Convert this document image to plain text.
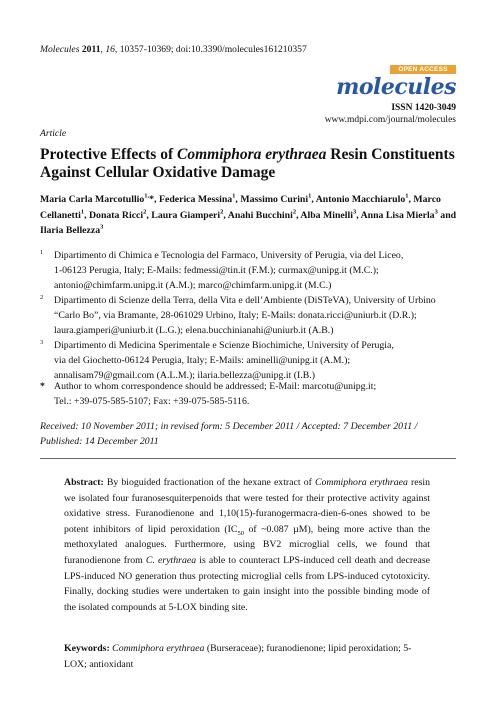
Molecules 2011, 16, 10357-10369; doi:10.3390/molecules161210357
OPEN ACCESS
molecules
ISSN 1420-3049
www.mdpi.com/journal/molecules
Article
Protective Effects of Commiphora erythraea Resin Constituents Against Cellular Oxidative Damage
Maria Carla Marcotullio$^{1,}$*, Federica Messina$^1$, Massimo Curini$^1$, Antonio Macchiarulo$^1$, Marco Cellanetti$^1$, Donata Ricci$^2$, Laura Giamperi$^2$, Anahi Bucchini$^2$, Alba Minelli$^3$, Anna Lisa Mierla$^3$ and Ilaria Bellezza$^3$
1 Dipartimento di Chimica e Tecnologia del Farmaco, University of Perugia, via del Liceo,
1-06123 Perugia, Italy; E-Mails: fedmessi@tin.it (F.M.); curmax@unipg.it (M.C.);
antonio@chimfarm.unipg.it (A.M.); marco@chimfarm.unipg.it (M.C.)
2 Dipartimento di Scienze della Terra, della Vita e dell’Ambiente (DiSTeVA), University of Urbino
“Carlo Bo”, via Bramante, 28-061029 Urbino, Italy; E-Mails: donata.ricci@uniurb.it (D.R.);
laura.giamperi@uniurb.it (L.G.); elena.bucchinianahi@uniurb.it (A.B.)
3 Dipartimento di Medicina Sperimentale e Scienze Biochimiche, University of Perugia,
via del Giochetto-06124 Perugia, Italy; E-Mails: aminelli@unipg.it (A.M.);
annalisam79@gmail.com (A.L.M.); ilaria.bellezza@unipg.it (I.B.)
* Author to whom correspondence should be addressed; E-Mail: marcotu@unipg.it;
Tel.: +39-075-585-5107; Fax: +39-075-585-5116.
Received: 10 November 2011; in revised form: 5 December 2011 / Accepted: 7 December 2011 /
Published: 14 December 2011
Abstract: By bioguided fractionation of the hexane extract of Commiphora erythraea resin we isolated four furanosesquiterpenoids that were tested for their protective activity against oxidative stress. Furanodienone and 1,10(15)-furanogermacra-dien-6-ones showed to be potent inhibitors of lipid peroxidation ($IC_{50}$ of ~0.087 µM), being more active than the methoxylated analogues. Furthermore, using BV2 microglial cells, we found that furanodienone from C. erythraea is able to counteract LPS-induced cell death and decrease LPS-induced NO generation thus protecting microglial cells from LPS-induced cytotoxicity. Finally, docking studies were undertaken to gain insight into the possible binding mode of the isolated compounds at 5-LOX binding site.
Keywords: Commiphora erythraea (Burseraceae); furanodienone; lipid peroxidation; 5-LOX; antioxidant
